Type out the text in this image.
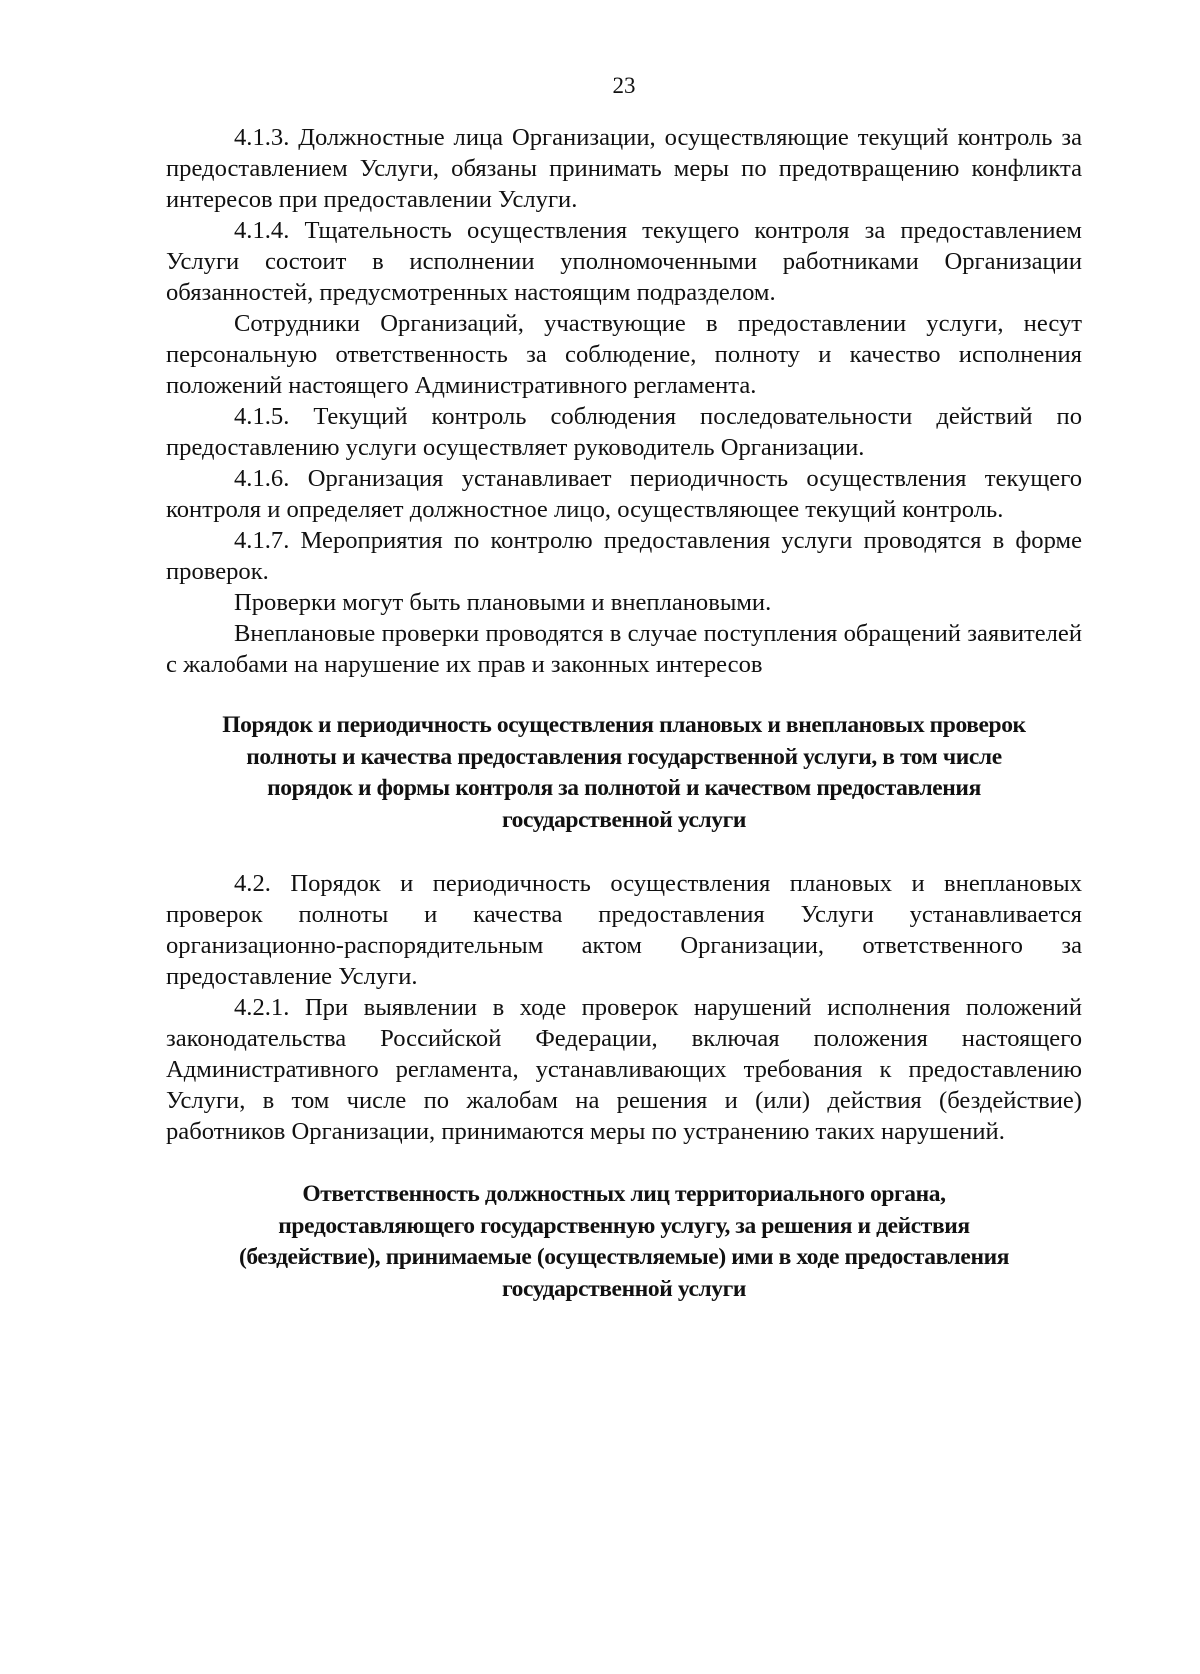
23

4.1.3. Должностные лица Организации, осуществляющие текущий контроль за предоставлением Услуги, обязаны принимать меры по предотвращению конфликта интересов при предоставлении Услуги.

4.1.4. Тщательность осуществления текущего контроля за предоставлением Услуги состоит в исполнении уполномоченными работниками Организации обязанностей, предусмотренных настоящим подразделом.

Сотрудники Организаций, участвующие в предоставлении услуги, несут персональную ответственность за соблюдение, полноту и качество исполнения положений настоящего Административного регламента.

4.1.5. Текущий контроль соблюдения последовательности действий по предоставлению услуги осуществляет руководитель Организации.

4.1.6. Организация устанавливает периодичность осуществления текущего контроля и определяет должностное лицо, осуществляющее текущий контроль.

4.1.7. Мероприятия по контролю предоставления услуги проводятся в форме проверок.

Проверки могут быть плановыми и внеплановыми.

Внеплановые проверки проводятся в случае поступления обращений заявителей с жалобами на нарушение их прав и законных интересов

Порядок и периодичность осуществления плановых и внеплановых проверок

полноты и качества предоставления государственной услуги, в том числе

порядок и формы контроля за полнотой и качеством предоставления

государственной услуги

4.2. Порядок и периодичность осуществления плановых и внеплановых проверок полноты и качества предоставления Услуги устанавливается организационно-распорядительным актом Организации, ответственного за предоставление Услуги.

4.2.1. При выявлении в ходе проверок нарушений исполнения положений законодательства Российской Федерации, включая положения настоящего Административного регламента, устанавливающих требования к предоставлению Услуги, в том числе по жалобам на решения и (или) действия (бездействие) работников Организации, принимаются меры по устранению таких нарушений.

Ответственность должностных лиц территориального органа,

предоставляющего государственную услугу, за решения и действия

(бездействие), принимаемые (осуществляемые) ими в ходе предоставления

государственной услуги
